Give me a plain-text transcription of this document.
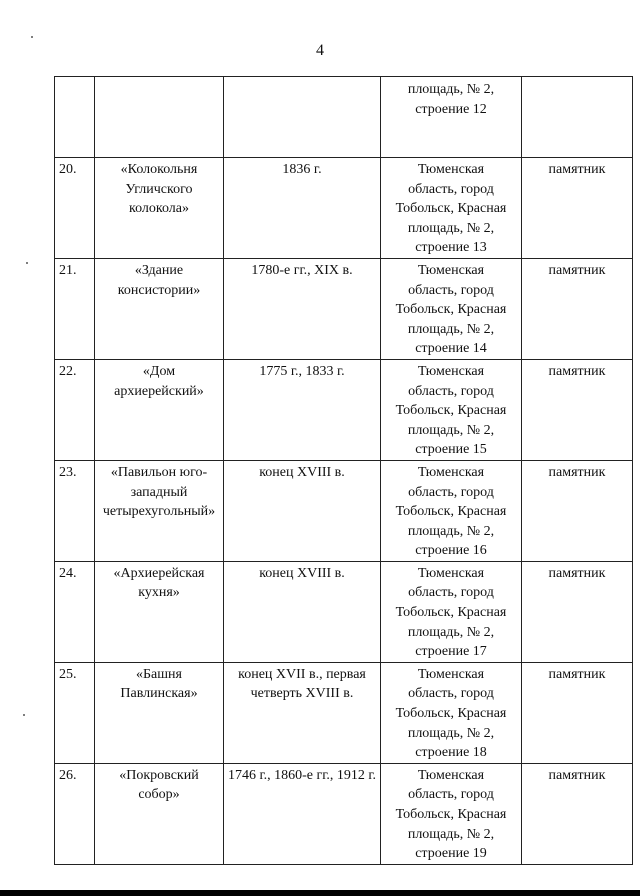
4

			площадь, № 2,
строение 12	

20.	«Колокольня Угличского колокола»	1836 г.	Тюменская
область, город
Тобольск, Красная
площадь, № 2,
строение 13	памятник
21.	«Здание консистории»	1780-е гг., XIX в.	Тюменская
область, город
Тобольск, Красная
площадь, № 2,
строение 14	памятник
22.	«Дом архиерейский»	1775 г., 1833 г.	Тюменская
область, город
Тобольск, Красная
площадь, № 2,
строение 15	памятник
23.	«Павильон юго-западный четырехугольный»	конец XVIII в.	Тюменская
область, город
Тобольск, Красная
площадь, № 2,
строение 16	памятник
24.	«Архиерейская кухня»	конец XVIII в.	Тюменская
область, город
Тобольск, Красная
площадь, № 2,
строение 17	памятник
25.	«Башня Павлинская»	конец XVII в., первая четверть XVIII в.	Тюменская
область, город
Тобольск, Красная
площадь, № 2,
строение 18	памятник
26.	«Покровский собор»	1746 г., 1860-е гг., 1912 г.	Тюменская
область, город
Тобольск, Красная
площадь, № 2,
строение 19	памятник
